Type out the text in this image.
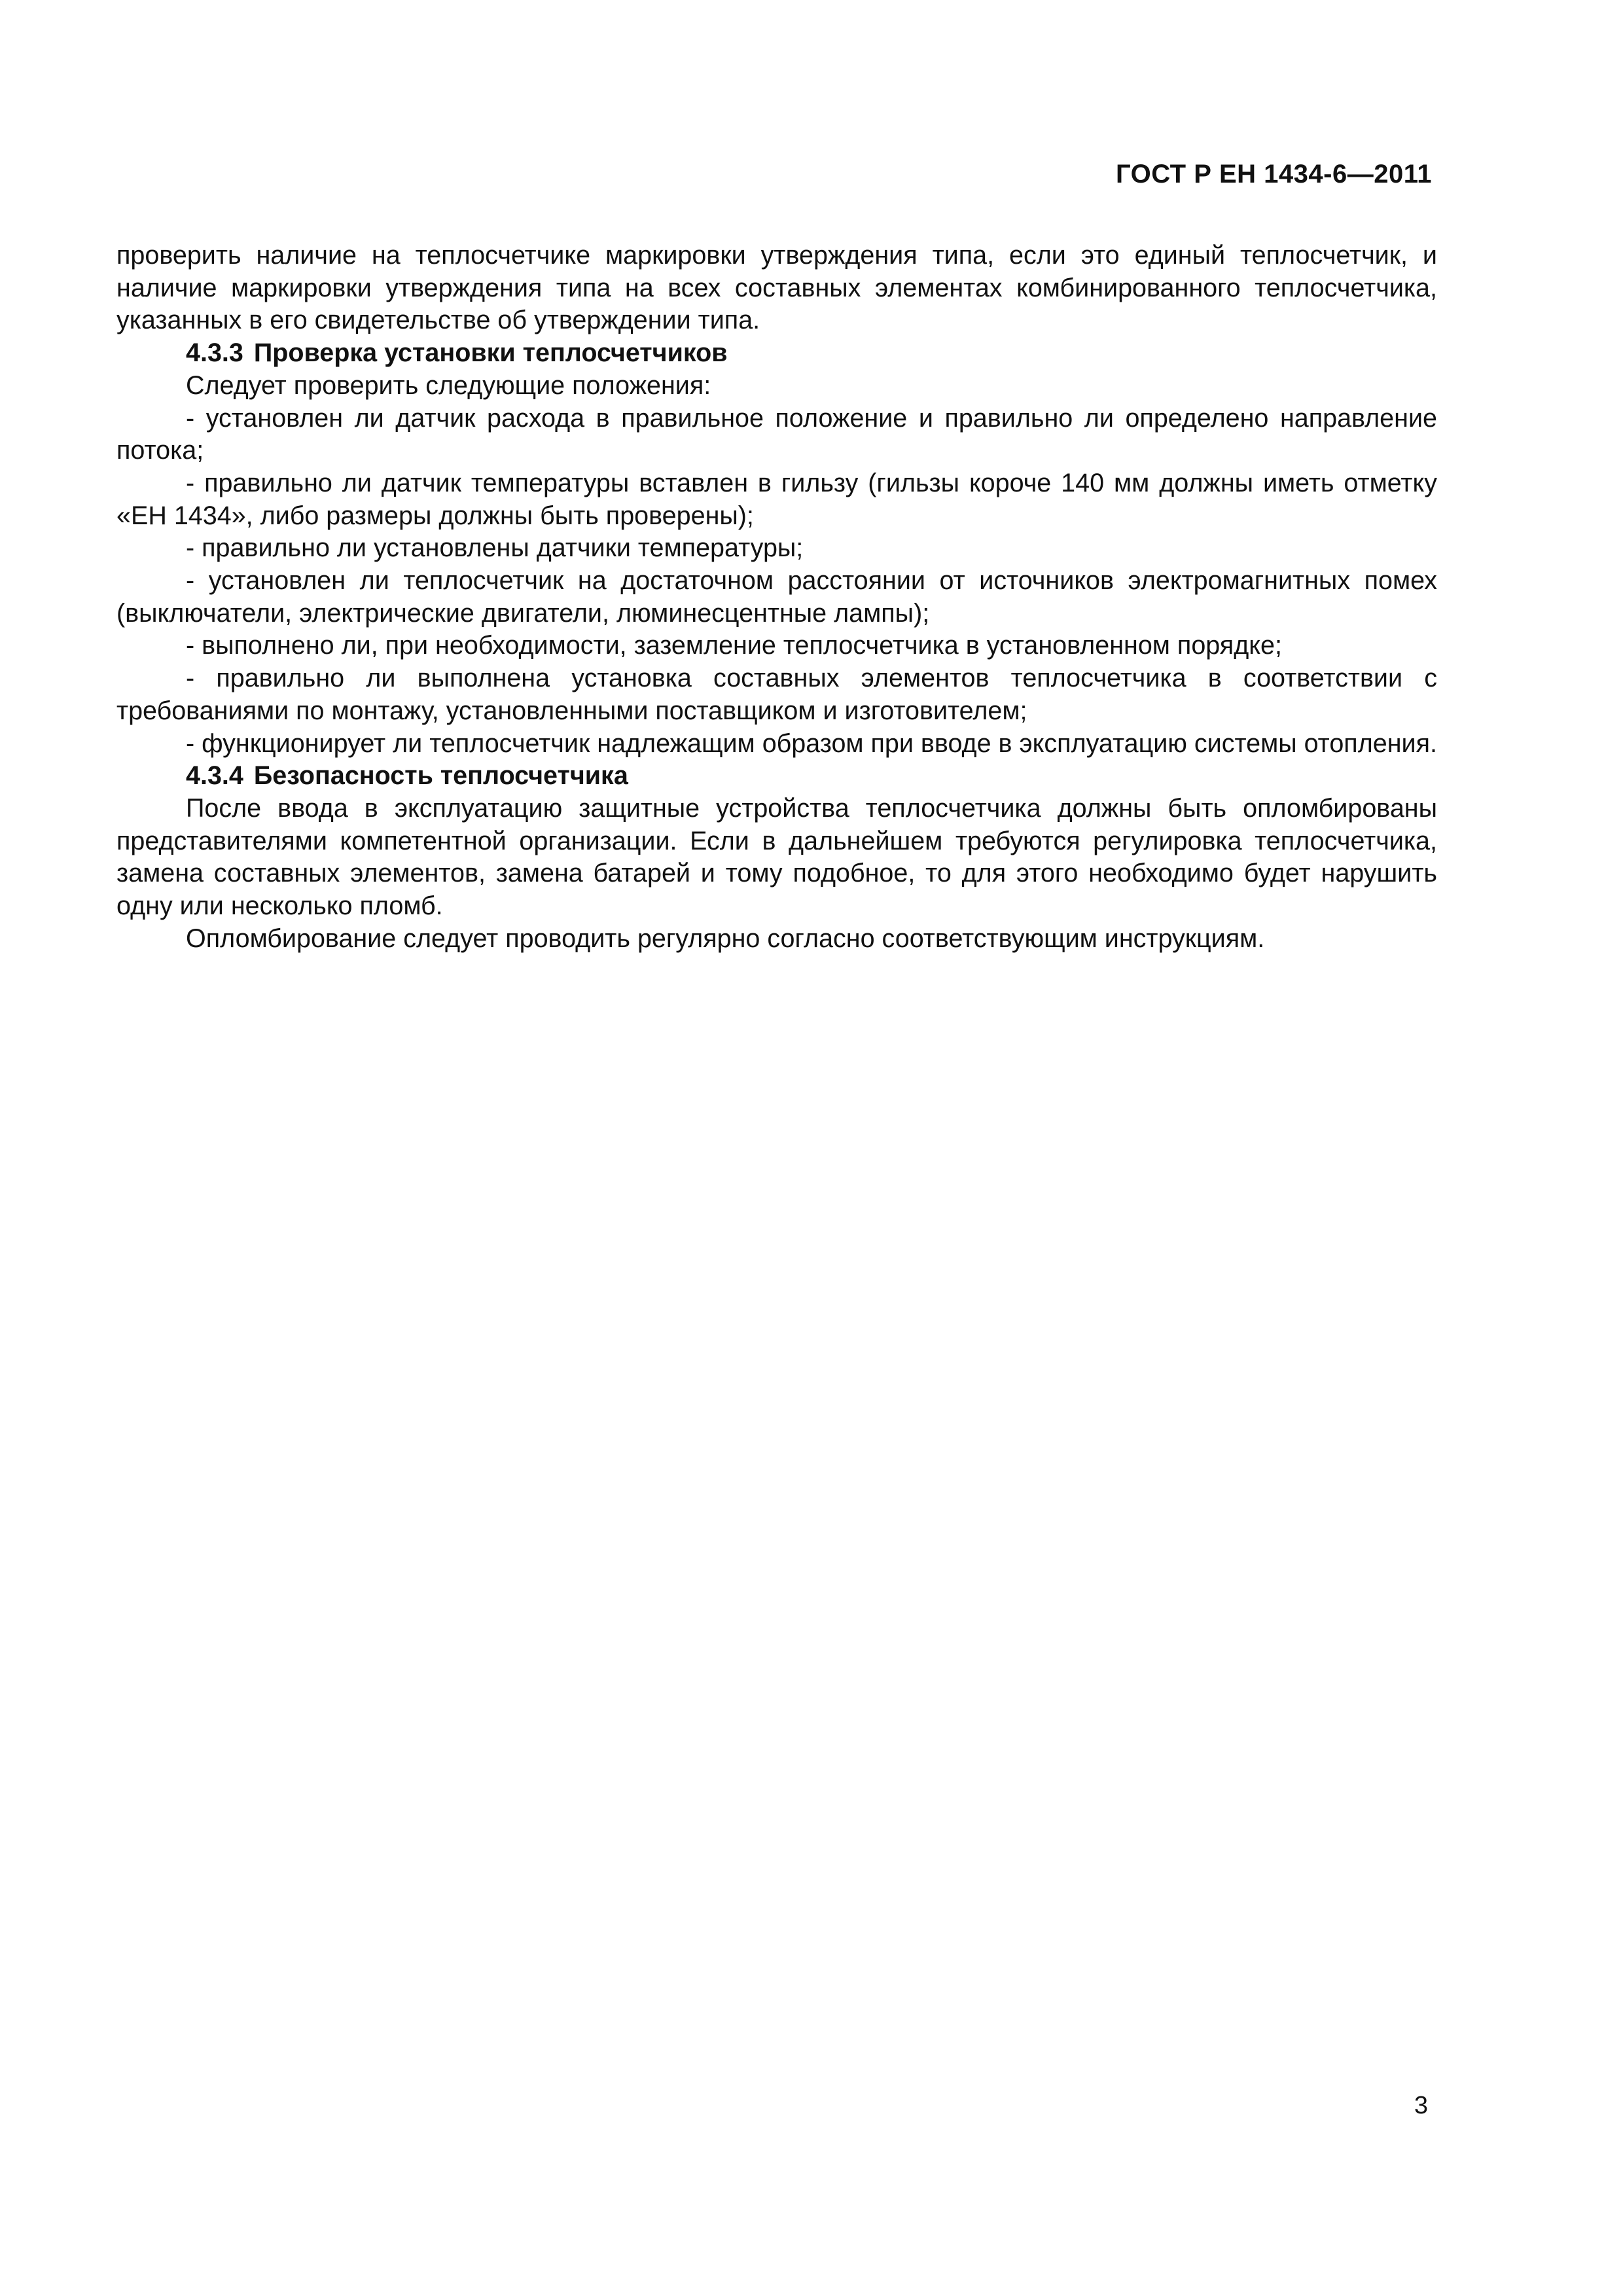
ГОСТ Р ЕН 1434-6—2011

проверить наличие на теплосчетчике маркировки утверждения типа, если это единый теплосчетчик, и наличие маркировки утверждения типа на всех составных элементах комбинированного теплосчетчика, указанных в его свидетельстве об утверждении типа.

4.3.3 Проверка установки теплосчетчиков

Следует проверить следующие положения:

- установлен ли датчик расхода в правильное положение и правильно ли определено направление потока;

- правильно ли датчик температуры вставлен в гильзу (гильзы короче 140 мм должны иметь отметку «ЕН 1434», либо размеры должны быть проверены);

- правильно ли установлены датчики температуры;

- установлен ли теплосчетчик на достаточном расстоянии от источников электромагнитных помех (выключатели, электрические двигатели, люминесцентные лампы);

- выполнено ли, при необходимости, заземление теплосчетчика в установленном порядке;

- правильно ли выполнена установка составных элементов теплосчетчика в соответствии с требованиями по монтажу, установленными поставщиком и изготовителем;

- функционирует ли теплосчетчик надлежащим образом при вводе в эксплуатацию системы отопления.

4.3.4 Безопасность теплосчетчика

После ввода в эксплуатацию защитные устройства теплосчетчика должны быть опломбированы представителями компетентной организации. Если в дальнейшем требуются регулировка теплосчетчика, замена составных элементов, замена батарей и тому подобное, то для этого необходимо будет нарушить одну или несколько пломб.

Опломбирование следует проводить регулярно согласно соответствующим инструкциям.

3
